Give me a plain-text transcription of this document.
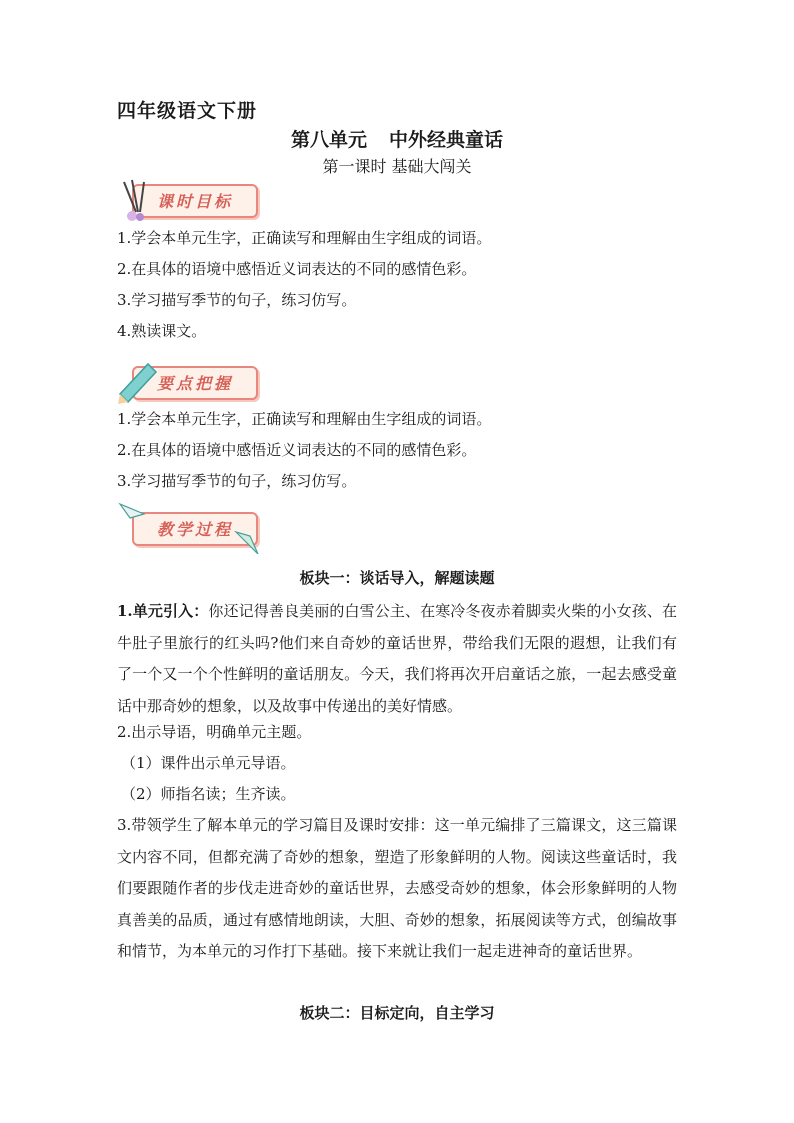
四年级语文下册
第八单元 中外经典童话
第一课时 基础大闯关
课时目标
1.学会本单元生字，正确读写和理解由生字组成的词语。
2.在具体的语境中感悟近义词表达的不同的感情色彩。
3.学习描写季节的句子，练习仿写。
4.熟读课文。
要点把握
1.学会本单元生字，正确读写和理解由生字组成的词语。
2.在具体的语境中感悟近义词表达的不同的感情色彩。
3.学习描写季节的句子，练习仿写。
教学过程
板块一：谈话导入，解题读题
1.单元引入：你还记得善良美丽的白雪公主、在寒冷冬夜赤着脚卖火柴的小女孩、在牛肚子里旅行的红头吗?他们来自奇妙的童话世界，带给我们无限的遐想，让我们有了一个又一个个性鲜明的童话朋友。今天，我们将再次开启童话之旅，一起去感受童话中那奇妙的想象，以及故事中传递出的美好情感。
2.出示导语，明确单元主题。
（1）课件出示单元导语。
（2）师指名读；生齐读。
3.带领学生了解本单元的学习篇目及课时安排：这一单元编排了三篇课文，这三篇课文内容不同，但都充满了奇妙的想象，塑造了形象鲜明的人物。阅读这些童话时，我们要跟随作者的步伐走进奇妙的童话世界，去感受奇妙的想象，体会形象鲜明的人物真善美的品质，通过有感情地朗读，大胆、奇妙的想象，拓展阅读等方式，创编故事和情节，为本单元的习作打下基础。接下来就让我们一起走进神奇的童话世界。
板块二：目标定向，自主学习
